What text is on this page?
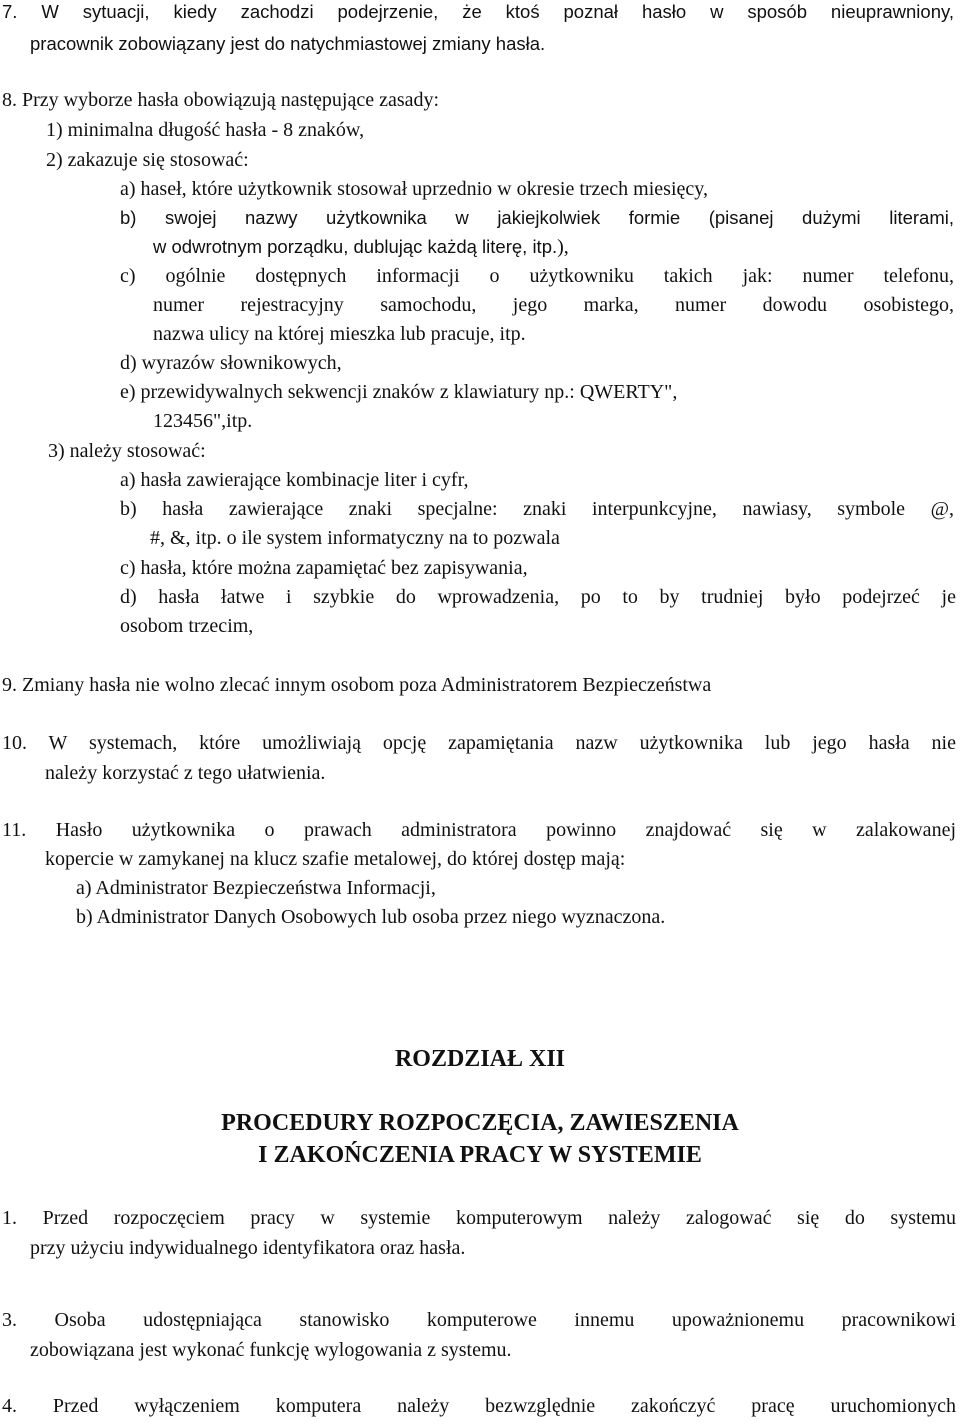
7. W sytuacji, kiedy zachodzi podejrzenie, że ktoś poznał hasło w sposób nieuprawniony,
pracownik zobowiązany jest do natychmiastowej zmiany hasła.
8. Przy wyborze hasła obowiązują następujące zasady:
1) minimalna długość hasła - 8 znaków,
2) zakazuje się stosować:
a) haseł, które użytkownik stosował uprzednio w okresie trzech miesięcy,
b) swojej nazwy użytkownika w jakiejkolwiek formie (pisanej dużymi literami,
w odwrotnym porządku, dublując każdą literę, itp.),
c) ogólnie dostępnych informacji o użytkowniku takich jak: numer telefonu,
numer rejestracyjny samochodu, jego marka, numer dowodu osobistego,
nazwa ulicy na której mieszka lub pracuje, itp.
d) wyrazów słownikowych,
e) przewidywalnych sekwencji znaków z klawiatury np.: QWERTY",
123456",itp.
3) należy stosować:
a) hasła zawierające kombinacje liter i cyfr,
b) hasła zawierające znaki specjalne: znaki interpunkcyjne, nawiasy, symbole @,
#, &, itp. o ile system informatyczny na to pozwala
c) hasła, które można zapamiętać bez zapisywania,
d) hasła łatwe i szybkie do wprowadzenia, po to by trudniej było podejrzeć je
osobom trzecim,
9. Zmiany hasła nie wolno zlecać innym osobom poza Administratorem Bezpieczeństwa
10. W systemach, które umożliwiają opcję zapamiętania nazw użytkownika lub jego hasła nie
należy korzystać z tego ułatwienia.
11. Hasło użytkownika o prawach administratora powinno znajdować się w zalakowanej
kopercie w zamykanej na klucz szafie metalowej, do której dostęp mają:
a) Administrator Bezpieczeństwa Informacji,
b) Administrator Danych Osobowych lub osoba przez niego wyznaczona.
ROZDZIAŁ XII
PROCEDURY ROZPOCZĘCIA, ZAWIESZENIA
I ZAKOŃCZENIA PRACY W SYSTEMIE
1. Przed rozpoczęciem pracy w systemie komputerowym należy zalogować się do systemu
przy użyciu indywidualnego identyfikatora oraz hasła.
3. Osoba udostępniająca stanowisko komputerowe innemu upoważnionemu pracownikowi
zobowiązana jest wykonać funkcję wylogowania z systemu.
4. Przed wyłączeniem komputera należy bezwzględnie zakończyć pracę uruchomionych
